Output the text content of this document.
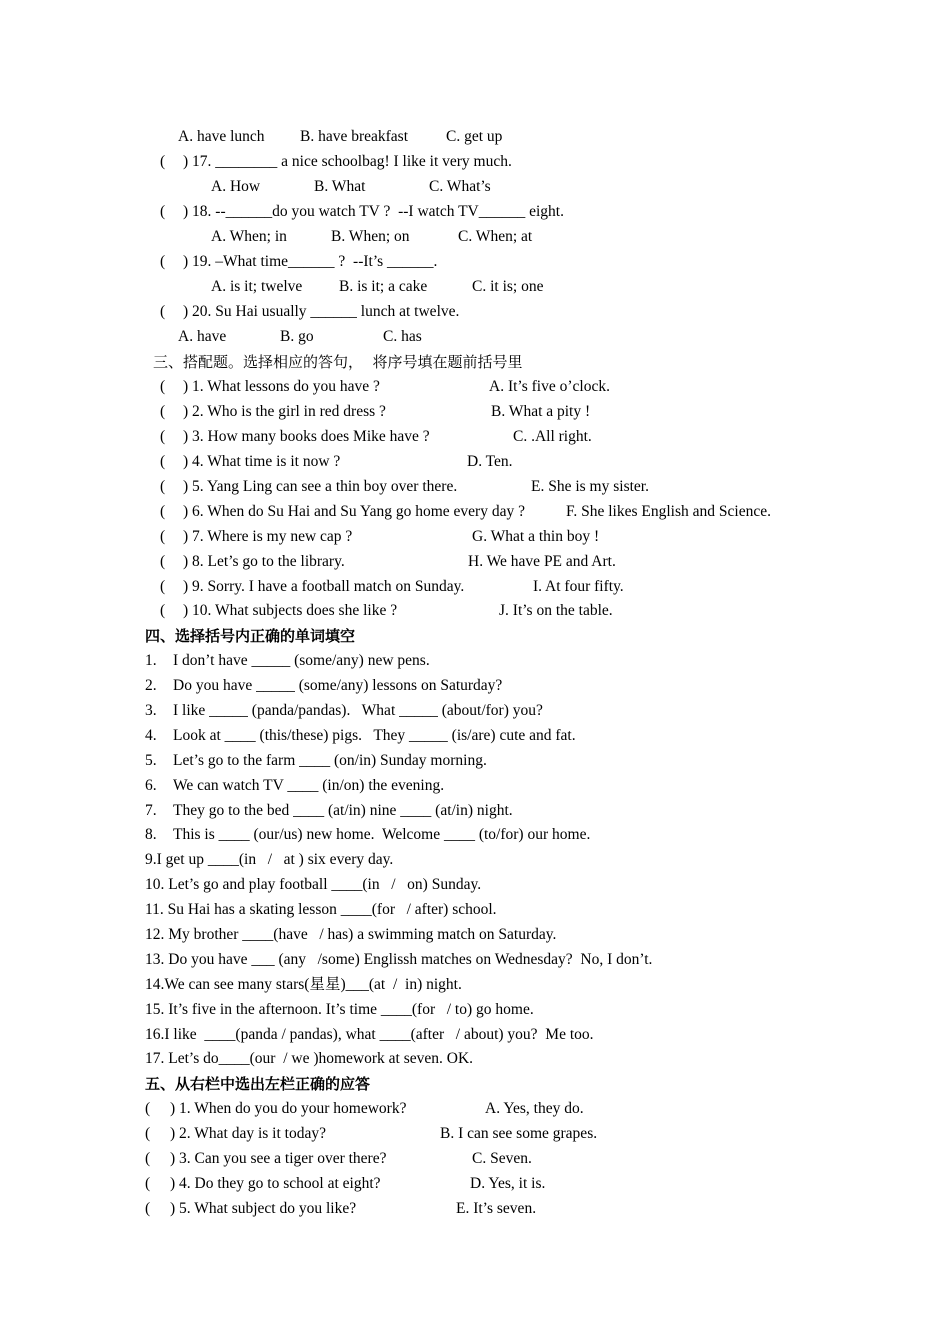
A. have lunch B. have breakfast C. get up
( ) 17. ________ a nice schoolbag! I like it very much.
A. How	B. What	C. What’s
( ) 18. --______do you watch TV ?  --I watch TV______ eight.
A. When; in	B. When; on	C. When; at
( ) 19. –What time______ ?  --It’s ______.
A. is it; twelve B. is it; a cake	C. it is; one
( ) 20. Su Hai usually ______ lunch at twelve.
A. have	B. go	C. has
三、搭配题。选择相应的答句，  将序号填在题前括号里
( ) 1. What lessons do you have ?	A. It’s five o’clock.
( ) 2. Who is the girl in red dress ?	B. What a pity !
( ) 3. How many books does Mike have ?	C. .All right.
( ) 4. What time is it now ?	D. Ten.
( ) 5. Yang Ling can see a thin boy over there.	E. She is my sister.
( ) 6. When do Su Hai and Su Yang go home every day ?	F. She likes English and Science.
( ) 7. Where is my new cap ?	G. What a thin boy !
( ) 8. Let’s go to the library.	H. We have PE and Art.
( ) 9. Sorry. I have a football match on Sunday.	I. At four fifty.
( ) 10. What subjects does she like ?	J. It’s on the table.
四、选择括号内正确的单词填空
1. I don’t have _____ (some/any) new pens.
2. Do you have _____ (some/any) lessons on Saturday?
3. I like _____ (panda/pandas).   What _____ (about/for) you?
4. Look at ____ (this/these) pigs.   They _____ (is/are) cute and fat.
5. Let’s go to the farm ____ (on/in) Sunday morning.
6. We can watch TV ____ (in/on) the evening.
7. They go to the bed ____ (at/in) nine ____ (at/in) night.
8. This is ____ (our/us) new home.  Welcome ____ (to/for) our home.
9.I get up ____(in   /   at ) six every day.
10. Let’s go and play football ____(in   /   on) Sunday.
11. Su Hai has a skating lesson ____(for   / after) school.
12. My brother ____(have   / has) a swimming match on Saturday.
13. Do you have ___ (any   /some) Englissh matches on Wednesday?  No, I don’t.
14.We can see many stars(星星)___(at  /  in) night.
15. It’s five in the afternoon. It’s time ____(for   / to) go home.
16.I like  ____(panda / pandas), what ____(after   / about) you?  Me too.
17. Let’s do____(our  / we )homework at seven. OK.
五、从右栏中选出左栏正确的应答
( ) 1. When do you do your homework?	A. Yes, they do.
( ) 2. What day is it today?	B. I can see some grapes.
( ) 3. Can you see a tiger over there?	C. Seven.
( ) 4. Do they go to school at eight?	D. Yes, it is.
( ) 5. What subject do you like?	E. It’s seven.
